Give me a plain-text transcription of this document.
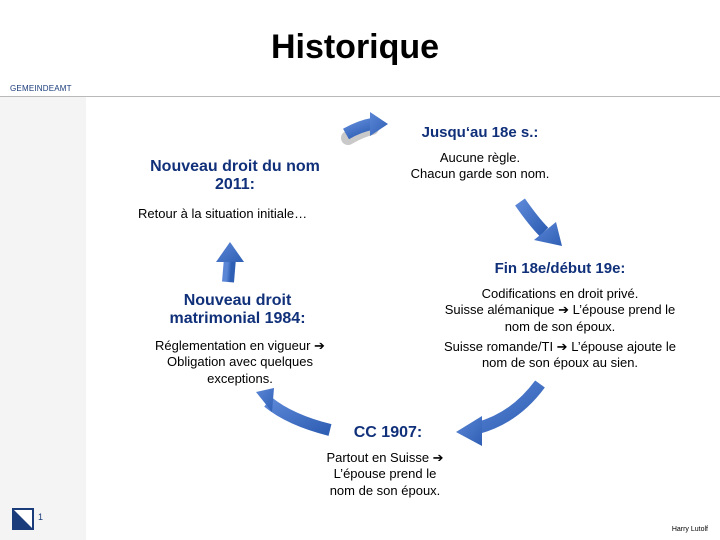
GEMEINDEAMT
Historique
Jusqu‘au 18e s.:
Aucune règle.
Chacun garde son nom.
Fin 18e/début 19e:
Codifications en droit privé.
Suisse alémanique ➔ L’épouse prend le
nom de son époux.
Suisse romande/TI ➔ L’épouse ajoute le
nom de son époux au sien.
CC 1907:
Partout en Suisse ➔
L’épouse prend le
nom de son époux.
Nouveau droit
matrimonial 1984:
Réglementation en vigueur ➔
Obligation avec quelques
exceptions.
Nouveau droit du nom
2011:
Retour à la situation initiale…
1
Harry Lutolf
